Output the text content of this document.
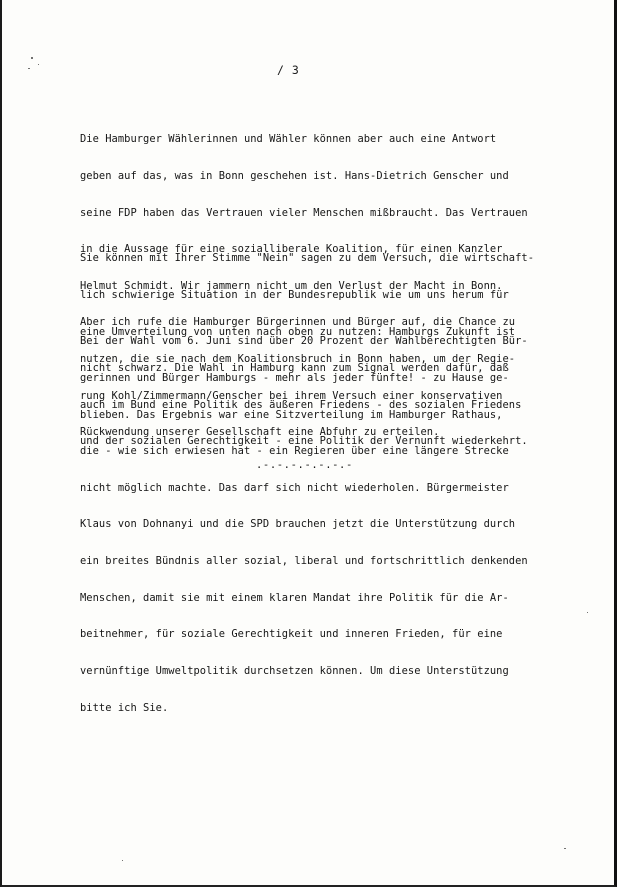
/ 3

Die Hamburger Wählerinnen und Wähler können aber auch eine Antwort

geben auf das, was in Bonn geschehen ist. Hans-Dietrich Genscher und

seine FDP haben das Vertrauen vieler Menschen mißbraucht. Das Vertrauen

in die Aussage für eine sozialliberale Koalition, für einen Kanzler

Helmut Schmidt. Wir jammern nicht um den Verlust der Macht in Bonn.

Aber ich rufe die Hamburger Bürgerinnen und Bürger auf, die Chance zu

nutzen, die sie nach dem Koalitionsbruch in Bonn haben, um der Regie-

rung Kohl/Zimmermann/Genscher bei ihrem Versuch einer konservativen

Rückwendung unserer Gesellschaft eine Abfuhr zu erteilen.

Sie können mit Ihrer Stimme "Nein" sagen zu dem Versuch, die wirtschaft-

lich schwierige Situation in der Bundesrepublik wie um uns herum für

eine Umverteilung von unten nach oben zu nutzen: Hamburgs Zukunft ist

nicht schwarz. Die Wahl in Hamburg kann zum Signal werden dafür, daß

auch im Bund eine Politik des äußeren Friedens - des sozialen Friedens

und der sozialen Gerechtigkeit - eine Politik der Vernunft wiederkehrt.

Bei der Wahl vom 6. Juni sind über 20 Prozent der Wahlberechtigten Bür-

gerinnen und Bürger Hamburgs - mehr als jeder fünfte! - zu Hause ge-

blieben. Das Ergebnis war eine Sitzverteilung im Hamburger Rathaus,

die - wie sich erwiesen hat - ein Regieren über eine längere Strecke

nicht möglich machte. Das darf sich nicht wiederholen. Bürgermeister

Klaus von Dohnanyi und die SPD brauchen jetzt die Unterstützung durch

ein breites Bündnis aller sozial, liberal und fortschrittlich denkenden

Menschen, damit sie mit einem klaren Mandat ihre Politik für die Ar-

beitnehmer, für soziale Gerechtigkeit und inneren Frieden, für eine

vernünftige Umweltpolitik durchsetzen können. Um diese Unterstützung

bitte ich Sie.

.-.-.-.-.-.-.-
